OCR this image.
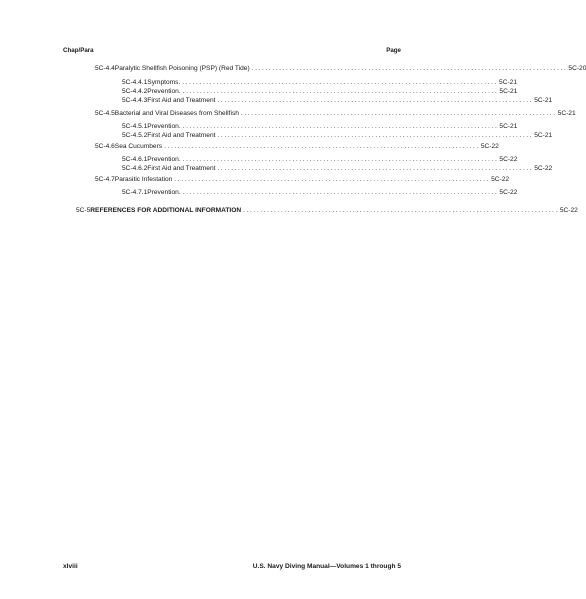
Chap/Para	Page
5C-4.4 Paralytic Shellfish Poisoning (PSP) (Red Tide) ............................................................................................ 5C-20
5C-4.4.1 Symptoms. ............................................................................................ 5C-21
5C-4.4.2 Prevention. ............................................................................................ 5C-21
5C-4.4.3 First Aid and Treatment ............................................................................................ 5C-21
5C-4.5 Bacterial and Viral Diseases from Shellfish ............................................................................................ 5C-21
5C-4.5.1 Prevention. ............................................................................................ 5C-21
5C-4.5.2 First Aid and Treatment ............................................................................................ 5C-21
5C-4.6 Sea Cucumbers ............................................................................................ 5C-22
5C-4.6.1 Prevention. ............................................................................................ 5C-22
5C-4.6.2 First Aid and Treatment ............................................................................................ 5C-22
5C-4.7 Parasitic Infestation ............................................................................................ 5C-22
5C-4.7.1 Prevention. ............................................................................................ 5C-22
5C-5 REFERENCES FOR ADDITIONAL INFORMATION ............................................................................................ 5C-22
xlviii	U.S. Navy Diving Manual—Volumes 1 through 5
